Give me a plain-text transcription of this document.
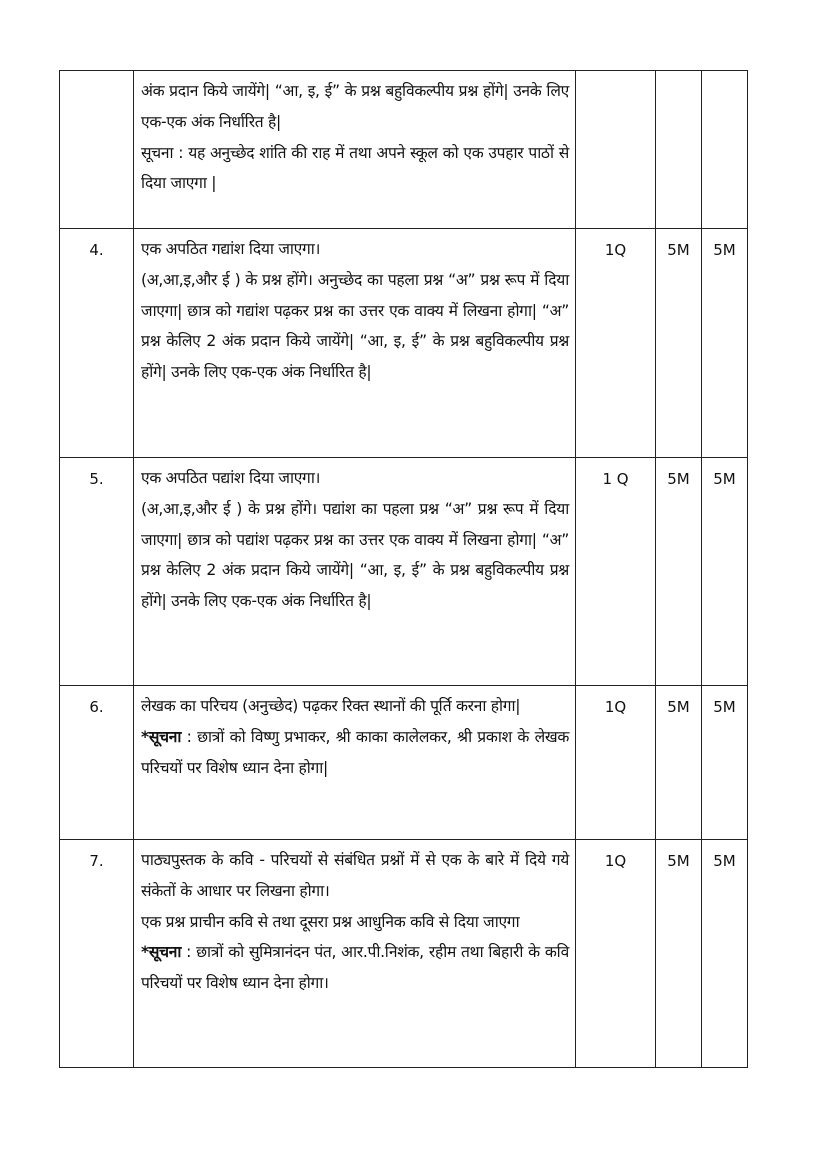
	अंक प्रदान किये जायेंगे| “आ, इ, ई” के प्रश्न बहुविकल्पीय प्रश्न होंगे| उनके लिए एक-एक अंक निर्धारित है|

सूचना : यह अनुच्छेद शांति की राह में तथा अपने स्कूल को एक उपहार पाठों से दिया जाएगा |			

4.	एक अपठित गद्यांश दिया जाएगा।

(अ,आ,इ,और ई ) के प्रश्न होंगे। अनुच्छेद का पहला प्रश्न “अ” प्रश्न रूप में दिया जाएगा| छात्र को गद्यांश पढ़कर प्रश्न का उत्तर एक वाक्य में लिखना होगा| “अ” प्रश्न केलिए 2 अंक प्रदान किये जायेंगे| “आ, इ, ई” के प्रश्न बहुविकल्पीय प्रश्न होंगे| उनके लिए एक-एक अंक निर्धारित है|	1Q	5M	5M
5.	एक अपठित पद्यांश दिया जाएगा।

(अ,आ,इ,और ई ) के प्रश्न होंगे। पद्यांश का पहला प्रश्न “अ” प्रश्न रूप में दिया जाएगा| छात्र को पद्यांश पढ़कर प्रश्न का उत्तर एक वाक्य में लिखना होगा| “अ” प्रश्न केलिए 2 अंक प्रदान किये जायेंगे| “आ, इ, ई” के प्रश्न बहुविकल्पीय प्रश्न होंगे| उनके लिए एक-एक अंक निर्धारित है|	1 Q	5M	5M
6.	लेखक का परिचय (अनुच्छेद) पढ़कर रिक्त स्थानों की पूर्ति करना होगा|

*सूचना : छात्रों को विष्णु प्रभाकर, श्री काका कालेलकर, श्री प्रकाश के लेखक परिचयों पर विशेष ध्यान देना होगा|	1Q	5M	5M
7.	पाठ्यपुस्तक के कवि - परिचयों से संबंधित प्रश्नों में से एक के बारे में दिये गये संकेतों के आधार पर लिखना होगा।

एक प्रश्न प्राचीन कवि से तथा दूसरा प्रश्न आधुनिक कवि से दिया जाएगा

*सूचना : छात्रों को सुमित्रानंदन पंत, आर.पी.निशंक, रहीम तथा बिहारी के कवि परिचयों पर विशेष ध्यान देना होगा।	1Q	5M	5M
